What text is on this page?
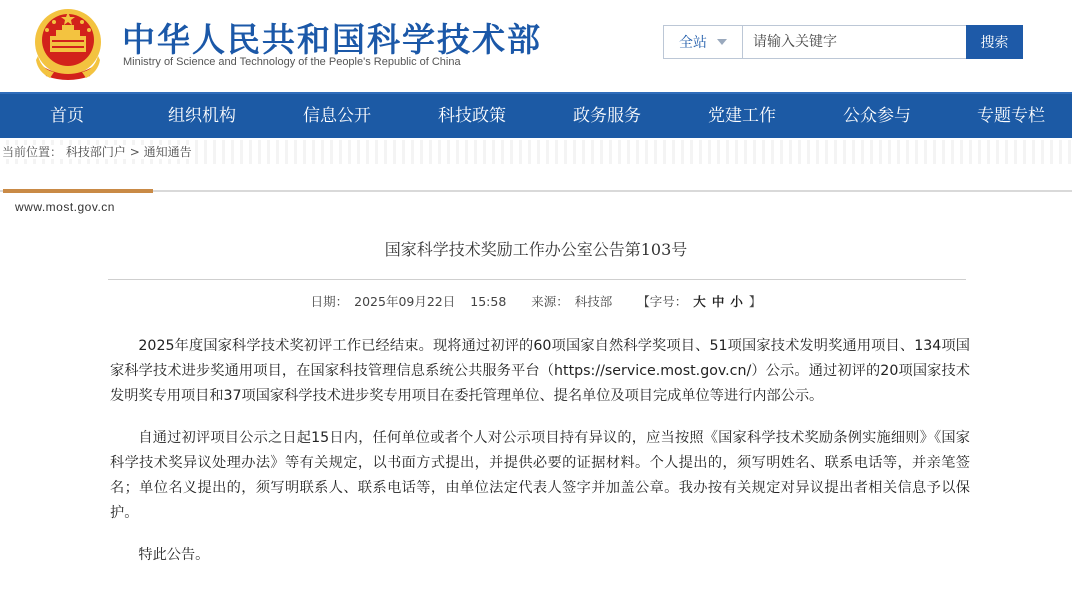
中华人民共和国科学技术部
Ministry of Science and Technology of the People's Republic of China
全站
请输入关键字	搜索
首页	组织机构	信息公开	科技政策	政务服务	党建工作	公众参与	专题专栏
当前位置： 科技部门户 > 通知通告
www.most.gov.cn
国家科学技术奖励工作办公室公告第103号
日期： 2025年09月22日 15:58 来源： 科技部 【字号： 大 中 小 】

2025年度国家科学技术奖初评工作已经结束。现将通过初评的60项国家自然科学奖项目、51项国家技术发明奖通用项目、134项国家科学技术进步奖通用项目，在国家科技管理信息系统公共服务平台（https://service.most.gov.cn/）公示。通过初评的20项国家技术发明奖专用项目和37项国家科学技术进步奖专用项目在委托管理单位、提名单位及项目完成单位等进行内部公示。

自通过初评项目公示之日起15日内，任何单位或者个人对公示项目持有异议的，应当按照《国家科学技术奖励条例实施细则》《国家科学技术奖异议处理办法》等有关规定，以书面方式提出，并提供必要的证据材料。个人提出的，须写明姓名、联系电话等，并亲笔签名；单位名义提出的，须写明联系人、联系电话等，由单位法定代表人签字并加盖公章。我办按有关规定对异议提出者相关信息予以保护。

特此公告。
